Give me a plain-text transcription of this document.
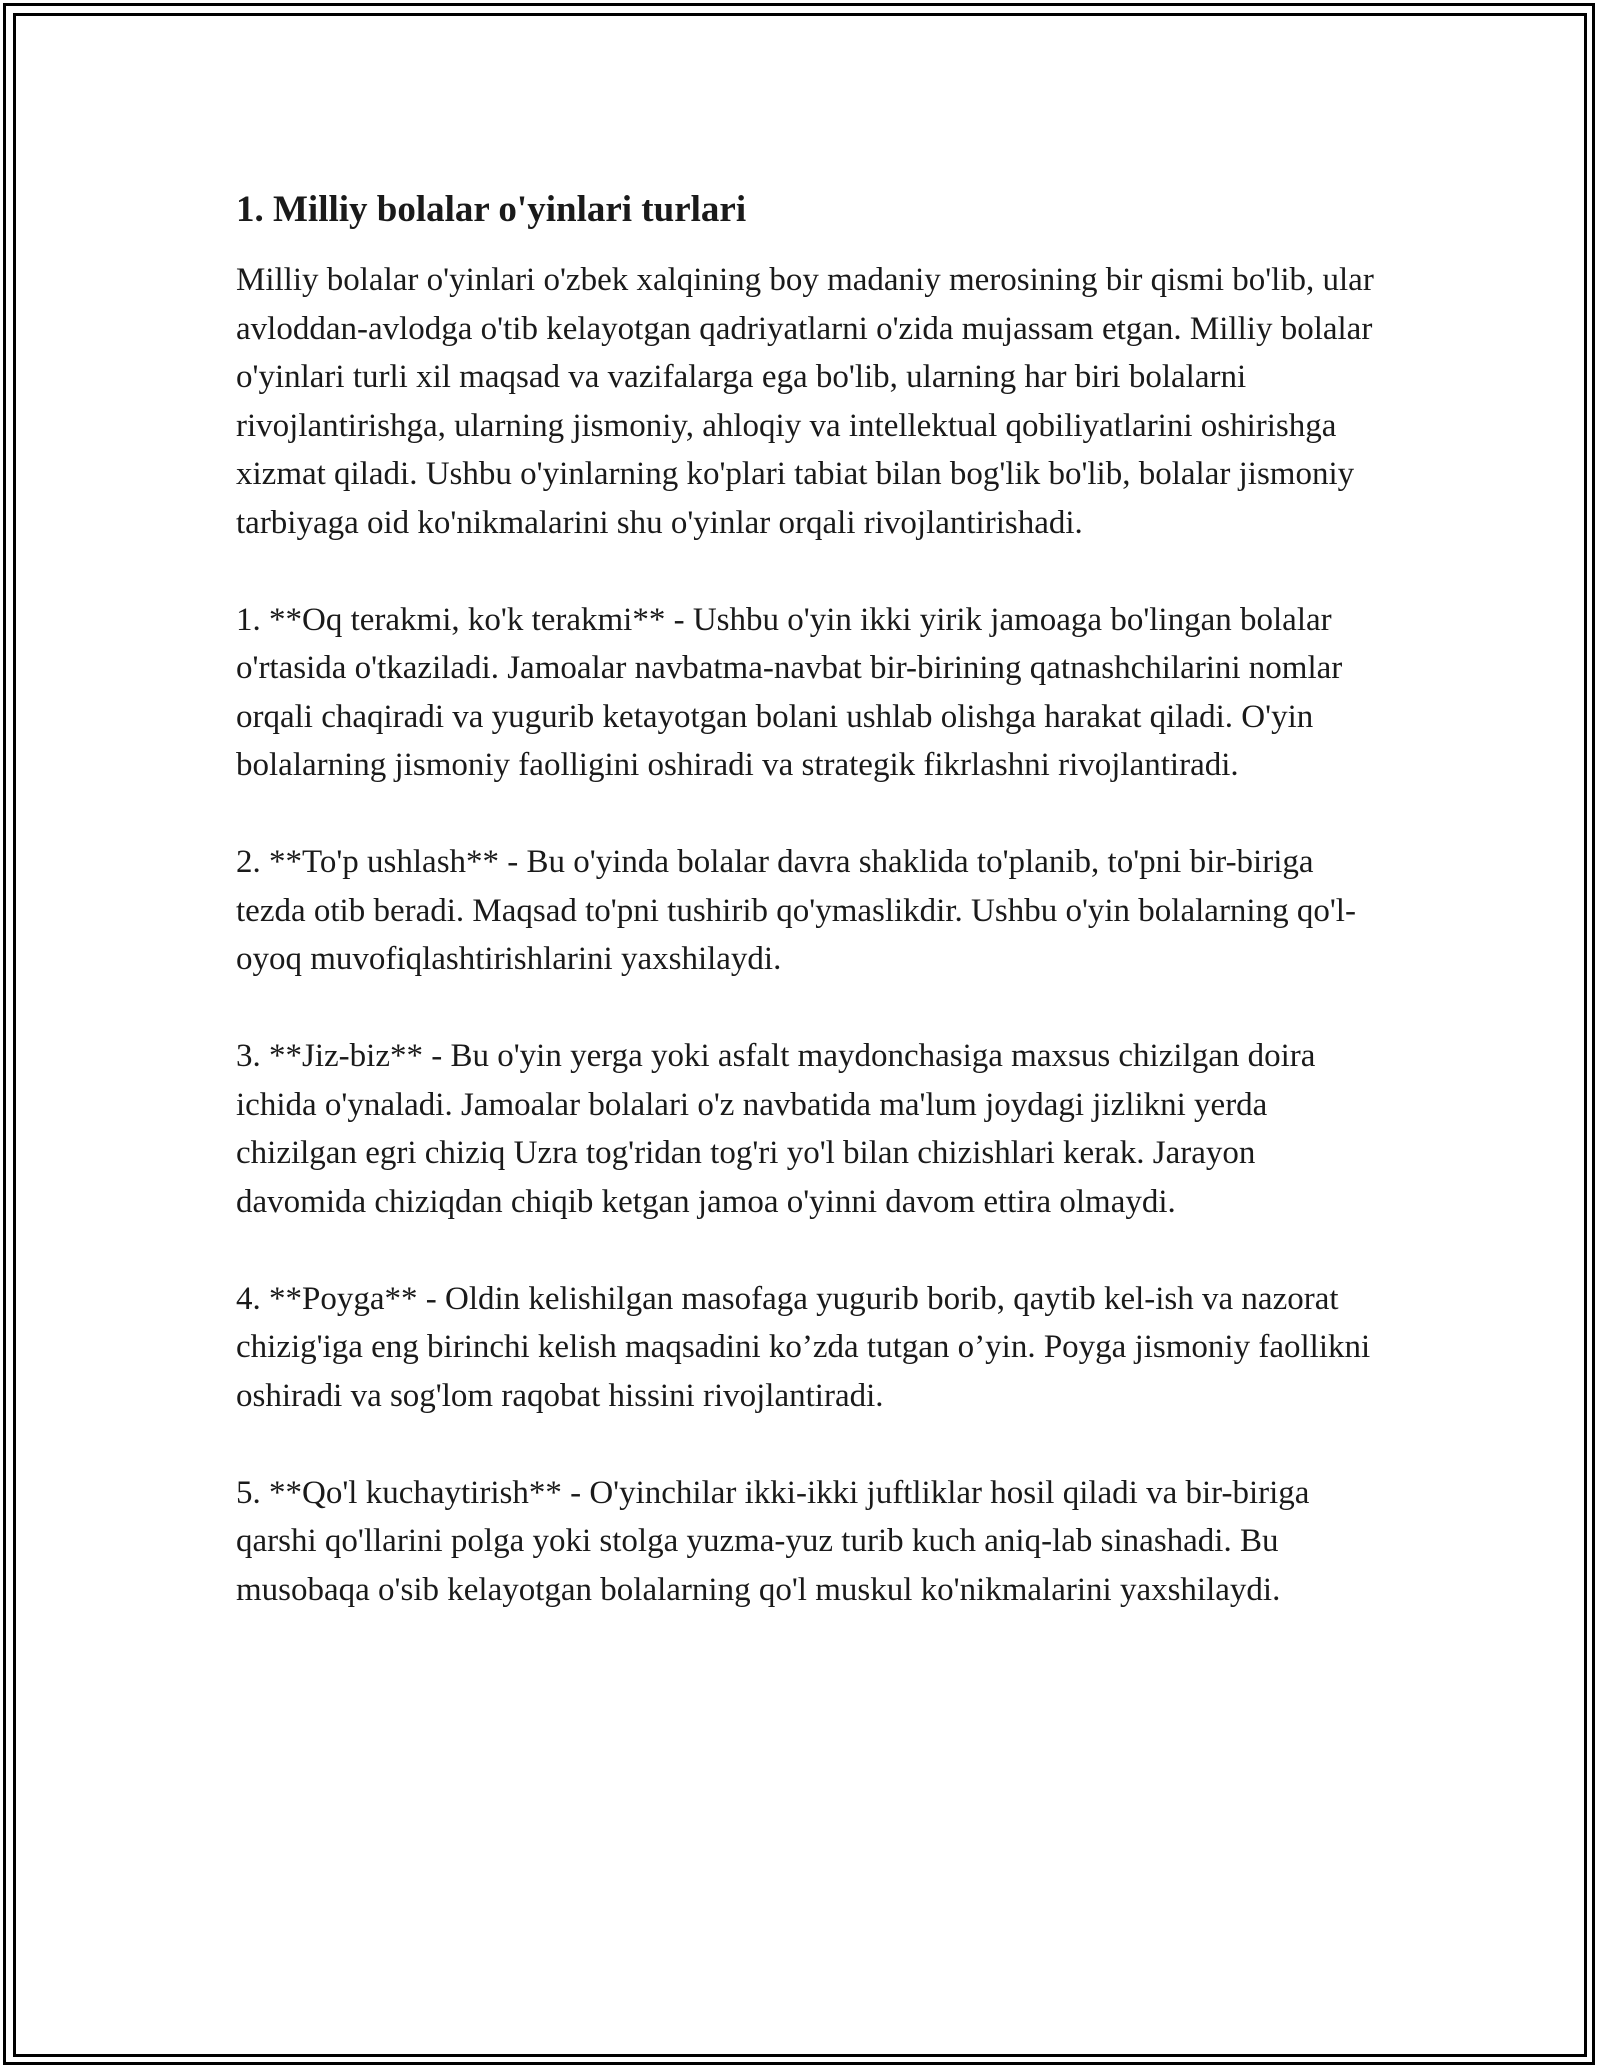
1. Milliy bolalar o'yinlari turlari

Milliy bolalar o'yinlari o'zbek xalqining boy madaniy merosining bir qismi bo'lib, ular avloddan-avlodga o'tib kelayotgan qadriyatlarni o'zida mujassam etgan. Milliy bolalar o'yinlari turli xil maqsad va vazifalarga ega bo'lib, ularning har biri bolalarni rivojlantirishga, ularning jismoniy, ahloqiy va intellektual qobiliyatlarini oshirishga xizmat qiladi. Ushbu o'yinlarning ko'plari tabiat bilan bog'lik bo'lib, bolalar jismoniy tarbiyaga oid ko'nikmalarini shu o'yinlar orqali rivojlantirishadi.

1. **Oq terakmi, ko'k terakmi** - Ushbu o'yin ikki yirik jamoaga bo'lingan bolalar o'rtasida o'tkaziladi. Jamoalar navbatma-navbat bir-birining qatnashchilarini nomlar orqali chaqiradi va yugurib ketayotgan bolani ushlab olishga harakat qiladi. O'yin bolalarning jismoniy faolligini oshiradi va strategik fikrlashni rivojlantiradi.

2. **To'p ushlash** - Bu o'yinda bolalar davra shaklida to'planib, to'pni bir-biriga tezda otib beradi. Maqsad to'pni tushirib qo'ymaslikdir. Ushbu o'yin bolalarning qo'l-oyoq muvofiqlashtirishlarini yaxshilaydi.

3. **Jiz-biz** - Bu o'yin yerga yoki asfalt maydonchasiga maxsus chizilgan doira ichida o'ynaladi. Jamoalar bolalari o'z navbatida ma'lum joydagi jizlikni yerda chizilgan egri chiziq Uzra tog'ridan tog'ri yo'l bilan chizishlari kerak. Jarayon davomida chiziqdan chiqib ketgan jamoa o'yinni davom ettira olmaydi.

4. **Poyga** - Oldin kelishilgan masofaga yugurib borib, qaytib kel-ish va nazorat chizig'iga eng birinchi kelish maqsadini ko’zda tutgan o’yin. Poyga jismoniy faollikni oshiradi va sog'lom raqobat hissini rivojlantiradi.

5. **Qo'l kuchaytirish** - O'yinchilar ikki-ikki juftliklar hosil qiladi va bir-biriga qarshi qo'llarini polga yoki stolga yuzma-yuz turib kuch aniq-lab sinashadi. Bu musobaqa o'sib kelayotgan bolalarning qo'l muskul ko'nikmalarini yaxshilaydi.
